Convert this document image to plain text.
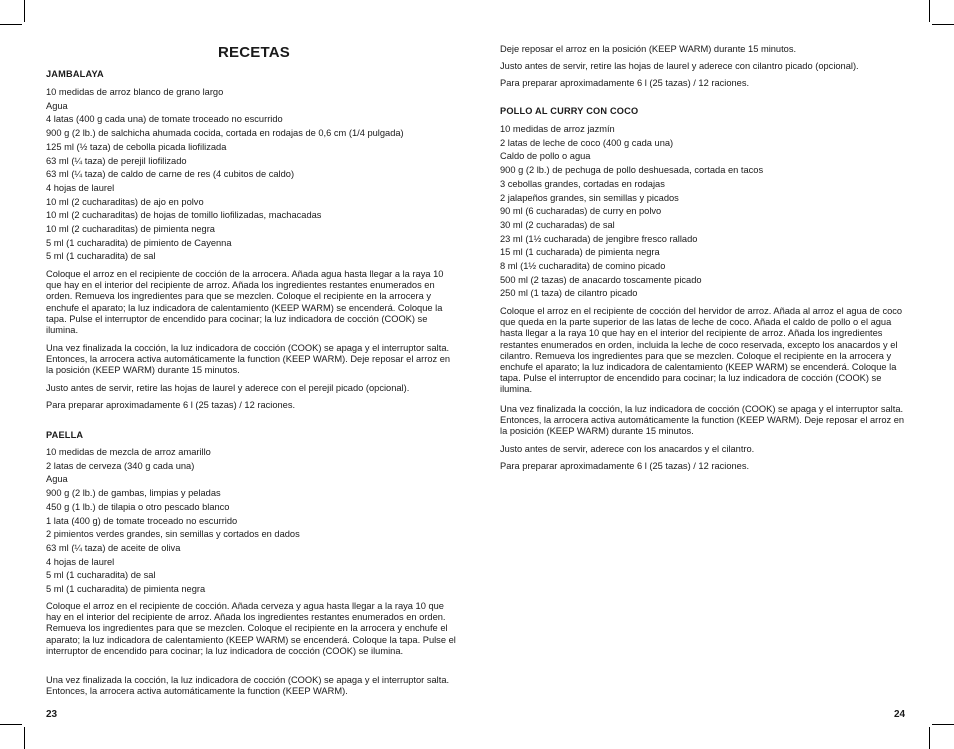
RECETAS
JAMBALAYA
10 medidas de arroz blanco de grano largo
Agua
4 latas (400 g cada una) de tomate troceado no escurrido
900 g (2 lb.) de salchicha ahumada cocida, cortada en rodajas de 0,6 cm (1/4 pulgada)
125 ml (½ taza) de cebolla picada liofilizada
63 ml (¼ taza) de perejil liofilizado
63 ml (¼ taza) de caldo de carne de res (4 cubitos de caldo)
4 hojas de laurel
10 ml (2 cucharaditas) de ajo en polvo
10 ml (2 cucharaditas) de hojas de tomillo liofilizadas, machacadas
10 ml (2 cucharaditas) de pimienta negra
5 ml (1 cucharadita) de pimiento de Cayenna
5 ml (1 cucharadita) de sal

Coloque el arroz en el recipiente de cocción de la arrocera. Añada agua hasta llegar a la raya 10 que hay en el interior del recipiente de arroz. Añada los ingredientes restantes enumerados en orden. Remueva los ingredientes para que se mezclen. Coloque el recipiente en la arrocera y enchufe el aparato; la luz indicadora de calentamiento (KEEP WARM) se encenderá. Coloque la tapa. Pulse el interruptor de encendido para cocinar; la luz indicadora de cocción (COOK) se ilumina.

Una vez finalizada la cocción, la luz indicadora de cocción (COOK) se apaga y el interruptor salta. Entonces, la arrocera activa automáticamente la function (KEEP WARM). Deje reposar el arroz en la posición (KEEP WARM) durante 15 minutos.

Justo antes de servir, retire las hojas de laurel y aderece con el perejil picado (opcional).

Para preparar aproximadamente 6 l (25 tazas) / 12 raciones.

PAELLA
10 medidas de mezcla de arroz amarillo
2 latas de cerveza (340 g cada una)
Agua
900 g (2 lb.) de gambas, limpias y peladas
450 g (1 lb.) de tilapia o otro pescado blanco
1 lata (400 g) de tomate troceado no escurrido
2 pimientos verdes grandes, sin semillas y cortados en dados
63 ml (¼ taza) de aceite de oliva
4 hojas de laurel
5 ml (1 cucharadita) de sal
5 ml (1 cucharadita) de pimienta negra

Coloque el arroz en el recipiente de cocción. Añada cerveza y agua hasta llegar a la raya 10 que hay en el interior del recipiente de arroz. Añada los ingredientes restantes enumerados en orden. Remueva los ingredientes para que se mezclen. Coloque el recipiente en la arrocera y enchufe el aparato; la luz indicadora de calentamiento (KEEP WARM) se encenderá. Coloque la tapa. Pulse el interruptor de encendido para cocinar; la luz indicadora de cocción (COOK) se ilumina.

Una vez finalizada la cocción, la luz indicadora de cocción (COOK) se apaga y el interruptor salta. Entonces, la arrocera activa automáticamente la function (KEEP WARM).

23

Deje reposar el arroz en la posición (KEEP WARM) durante 15 minutos.

Justo antes de servir, retire las hojas de laurel y aderece con cilantro picado (opcional).

Para preparar aproximadamente 6 l (25 tazas) / 12 raciones.

POLLO AL CURRY CON COCO
10 medidas de arroz jazmín
2 latas de leche de coco (400 g cada una)
Caldo de pollo o agua
900 g (2 lb.) de pechuga de pollo deshuesada, cortada en tacos
3 cebollas grandes, cortadas en rodajas
2 jalapeños grandes, sin semillas y picados
90 ml (6 cucharadas) de curry en polvo
30 ml (2 cucharadas) de sal
23 ml (1½ cucharada) de jengibre fresco rallado
15 ml (1 cucharada) de pimienta negra
8 ml (1½ cucharadita) de comino picado
500 ml (2 tazas) de anacardo toscamente picado
250 ml (1 taza) de cilantro picado

Coloque el arroz en el recipiente de cocción del hervidor de arroz. Añada al arroz el agua de coco que queda en la parte superior de las latas de leche de coco. Añada el caldo de pollo o el agua hasta llegar a la raya 10 que hay en el interior del recipiente de arroz. Añada los ingredientes restantes enumerados en orden, incluida la leche de coco reservada, excepto los anacardos y el cilantro. Remueva los ingredientes para que se mezclen. Coloque el recipiente en la arrocera y enchufe el aparato; la luz indicadora de calentamiento (KEEP WARM) se encenderá. Coloque la tapa. Pulse el interruptor de encendido para cocinar; la luz indicadora de cocción (COOK) se ilumina.

Una vez finalizada la cocción, la luz indicadora de cocción (COOK) se apaga y el interruptor salta. Entonces, la arrocera activa automáticamente la function (KEEP WARM). Deje reposar el arroz en la posición (KEEP WARM) durante 15 minutos.

Justo antes de servir, aderece con los anacardos y el cilantro.

Para preparar aproximadamente 6 l (25 tazas) / 12 raciones.

24
